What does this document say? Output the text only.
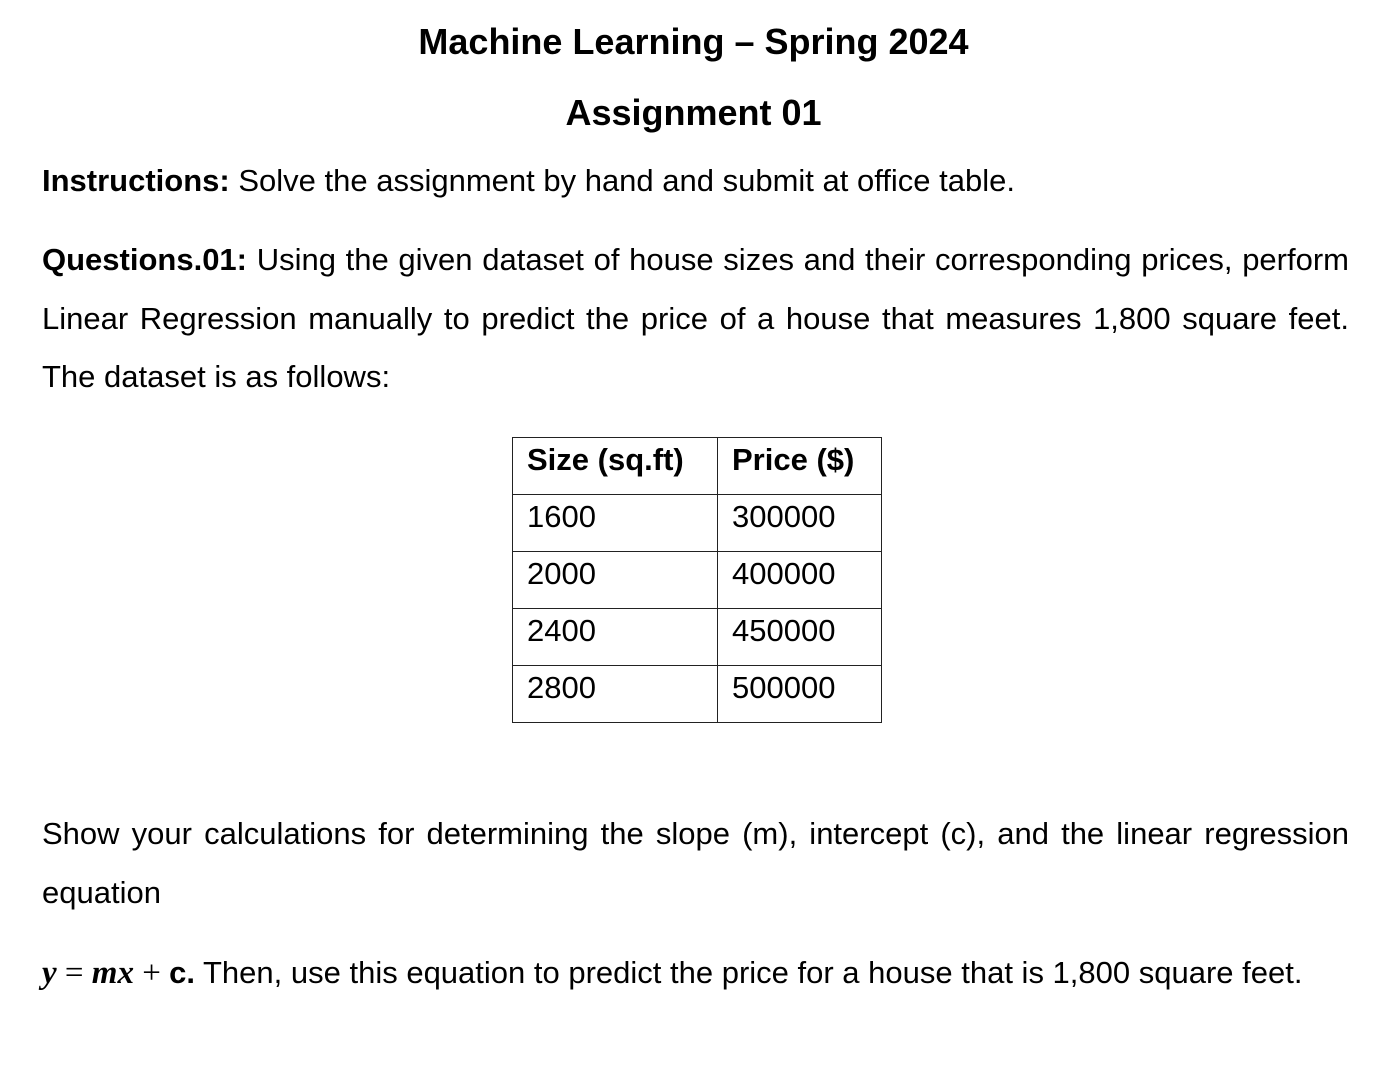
Machine Learning – Spring 2024
Assignment 01
Instructions: Solve the assignment by hand and submit at office table.
Questions.01: Using the given dataset of house sizes and their corresponding prices, perform Linear Regression manually to predict the price of a house that measures 1,800 square feet. The dataset is as follows:
Size (sq.ft)	Price ($)
1600	300000
2000	400000
2400	450000
2800	500000
Show your calculations for determining the slope (m), intercept (c), and the linear regression equation
y = mx + c. Then, use this equation to predict the price for a house that is 1,800 square feet.
